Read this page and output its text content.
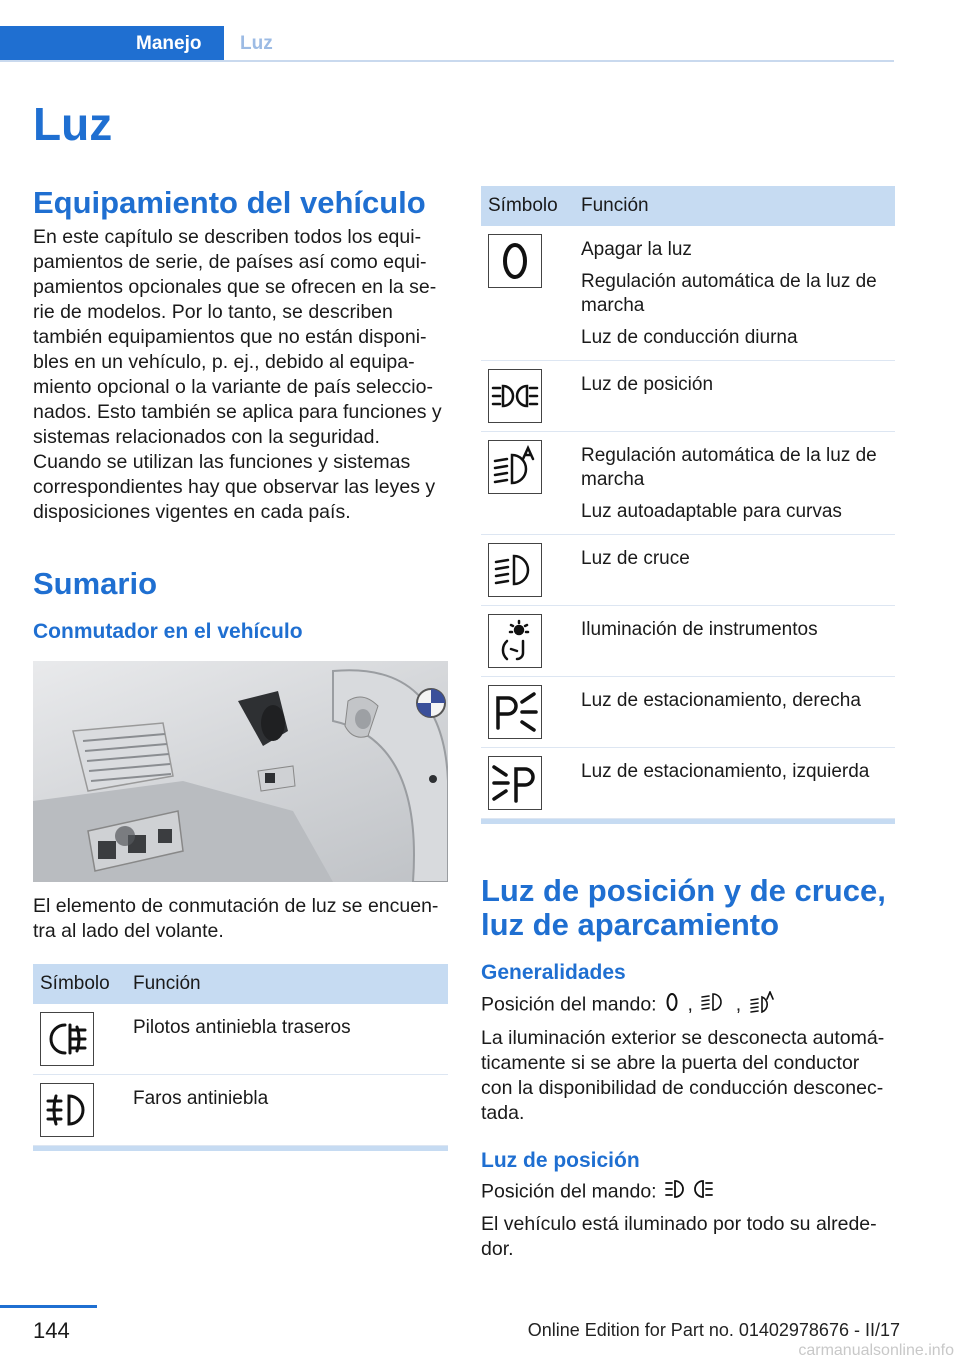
Manejo	Luz
Luz
Equipamiento del vehículo

En este capítulo se describen todos los equi-

pamientos de serie, de países así como equi-

pamientos opcionales que se ofrecen en la se-

rie de modelos. Por lo tanto, se describen

también equipamientos que no están disponi-

bles en un vehículo, p. ej., debido al equipa-

miento opcional o la variante de país seleccio-

nados. Esto también se aplica para funciones y

sistemas relacionados con la seguridad.

Cuando se utilizan las funciones y sistemas

correspondientes hay que observar las leyes y

disposiciones vigentes en cada país.

Sumario
Conmutador en el vehículo

El elemento de conmutación de luz se encuen-

tra al lado del volante.

Símbolo	Función

Pilotos antiniebla traseros

Faros antiniebla
Símbolo	Función

Apagar la luz
Regulación automática de la luz de marcha
Luz de conducción diurna

Luz de posición

Regulación automática de la luz de marcha
Luz autoadaptable para curvas

Luz de cruce

Iluminación de instrumentos

Luz de estacionamiento, derecha

Luz de estacionamiento, izquierda
Luz de posición y de cruce,
luz de aparcamiento
Generalidades

Posición del mando: , ,

La iluminación exterior se desconecta automá-

ticamente si se abre la puerta del conductor

con la disponibilidad de conducción desconec-

tada.

Luz de posición

Posición del mando:

El vehículo está iluminado por todo su alrede-

dor.

144	Online Edition for Part no. 01402978676 - II/17
carmanualsonline.info
